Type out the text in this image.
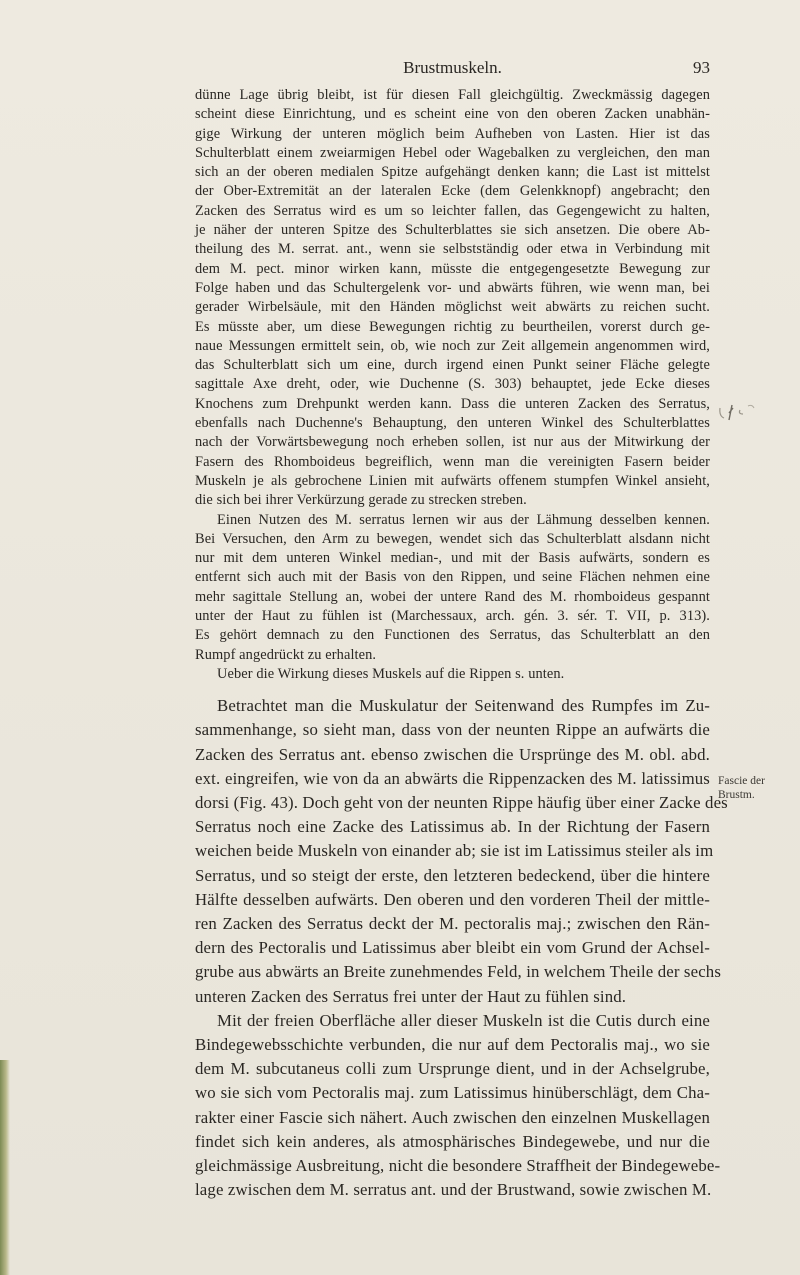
Brustmuskeln.	93
dünne Lage übrig bleibt, ist für diesen Fall gleichgültig. Zweckmässig dagegen
scheint diese Einrichtung, und es scheint eine von den oberen Zacken unabhän-
gige Wirkung der unteren möglich beim Aufheben von Lasten. Hier ist das
Schulterblatt einem zweiarmigen Hebel oder Wagebalken zu vergleichen, den man
sich an der oberen medialen Spitze aufgehängt denken kann; die Last ist mittelst
der Ober-Extremität an der lateralen Ecke (dem Gelenkknopf) angebracht; den
Zacken des Serratus wird es um so leichter fallen, das Gegengewicht zu halten,
je näher der unteren Spitze des Schulterblattes sie sich ansetzen. Die obere Ab-
theilung des M. serrat. ant., wenn sie selbstständig oder etwa in Verbindung mit
dem M. pect. minor wirken kann, müsste die entgegengesetzte Bewegung zur
Folge haben und das Schultergelenk vor- und abwärts führen, wie wenn man, bei
gerader Wirbelsäule, mit den Händen möglichst weit abwärts zu reichen sucht.
Es müsste aber, um diese Bewegungen richtig zu beurtheilen, vorerst durch ge-
naue Messungen ermittelt sein, ob, wie noch zur Zeit allgemein angenommen wird,
das Schulterblatt sich um eine, durch irgend einen Punkt seiner Fläche gelegte
sagittale Axe dreht, oder, wie Duchenne (S. 303) behauptet, jede Ecke dieses
Knochens zum Drehpunkt werden kann. Dass die unteren Zacken des Serratus,
ebenfalls nach Duchenne's Behauptung, den unteren Winkel des Schulterblattes
nach der Vorwärtsbewegung noch erheben sollen, ist nur aus der Mitwirkung der
Fasern des Rhomboideus begreiflich, wenn man die vereinigten Fasern beider
Muskeln je als gebrochene Linien mit aufwärts offenem stumpfen Winkel ansieht,
die sich bei ihrer Verkürzung gerade zu strecken streben.
Einen Nutzen des M. serratus lernen wir aus der Lähmung desselben kennen.
Bei Versuchen, den Arm zu bewegen, wendet sich das Schulterblatt alsdann nicht
nur mit dem unteren Winkel median-, und mit der Basis aufwärts, sondern es
entfernt sich auch mit der Basis von den Rippen, und seine Flächen nehmen eine
mehr sagittale Stellung an, wobei der untere Rand des M. rhomboideus gespannt
unter der Haut zu fühlen ist (Marchessaux, arch. gén. 3. sér. T. VII, p. 313).
Es gehört demnach zu den Functionen des Serratus, das Schulterblatt an den
Rumpf angedrückt zu erhalten.
Ueber die Wirkung dieses Muskels auf die Rippen s. unten.
Betrachtet man die Muskulatur der Seitenwand des Rumpfes im Zu-
sammenhange, so sieht man, dass von der neunten Rippe an aufwärts die
Zacken des Serratus ant. ebenso zwischen die Ursprünge des M. obl. abd.
ext. eingreifen, wie von da an abwärts die Rippenzacken des M. latissimus
dorsi (Fig. 43). Doch geht von der neunten Rippe häufig über einer Zacke des
Serratus noch eine Zacke des Latissimus ab. In der Richtung der Fasern
weichen beide Muskeln von einander ab; sie ist im Latissimus steiler als im
Serratus, und so steigt der erste, den letzteren bedeckend, über die hintere
Hälfte desselben aufwärts. Den oberen und den vorderen Theil der mittle-
ren Zacken des Serratus deckt der M. pectoralis maj.; zwischen den Rän-
dern des Pectoralis und Latissimus aber bleibt ein vom Grund der Achsel-
grube aus abwärts an Breite zunehmendes Feld, in welchem Theile der sechs
unteren Zacken des Serratus frei unter der Haut zu fühlen sind.
Mit der freien Oberfläche aller dieser Muskeln ist die Cutis durch eine
Bindegewebsschichte verbunden, die nur auf dem Pectoralis maj., wo sie
dem M. subcutaneus colli zum Ursprunge dient, und in der Achselgrube,
wo sie sich vom Pectoralis maj. zum Latissimus hinüberschlägt, dem Cha-
rakter einer Fascie sich nähert. Auch zwischen den einzelnen Muskellagen
findet sich kein anderes, als atmosphärisches Bindegewebe, und nur die
gleichmässige Ausbreitung, nicht die besondere Straffheit der Bindegewebe-
lage zwischen dem M. serratus ant. und der Brustwand, sowie zwischen M.
Fascie der
Brustm.
